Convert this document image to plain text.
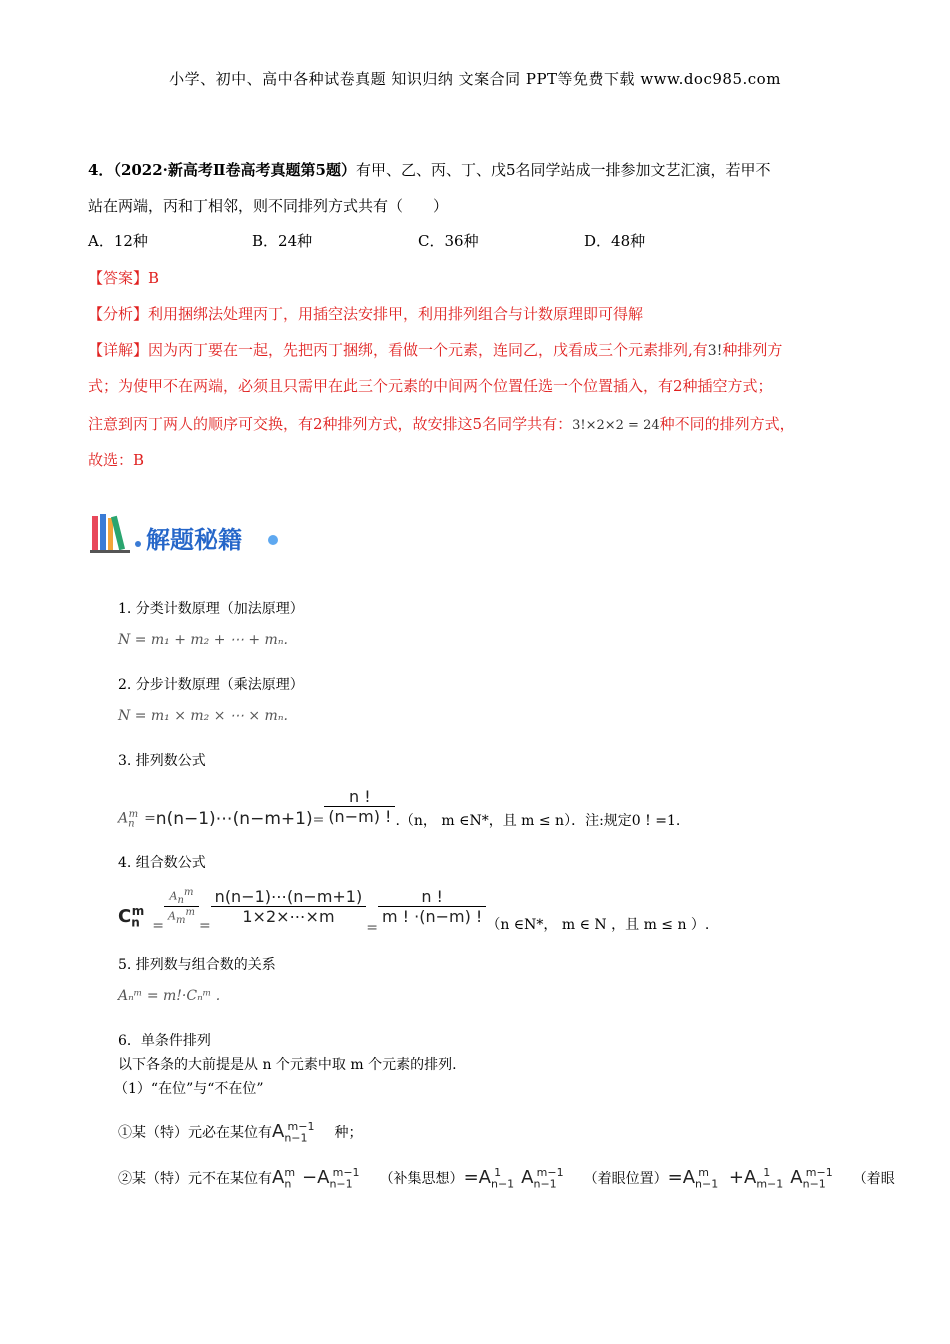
小学、初中、高中各种试卷真题 知识归纳 文案合同 PPT等免费下载 www.doc985.com
4．（2022·新高考Ⅱ卷高考真题第5题）有甲、乙、丙、丁、戊5名同学站成一排参加文艺汇演，若甲不
站在两端，丙和丁相邻，则不同排列方式共有（　　）
A．12种	B．24种	C．36种	D．48种
【答案】B
【分析】利用捆绑法处理丙丁，用插空法安排甲，利用排列组合与计数原理即可得解
【详解】因为丙丁要在一起，先把丙丁捆绑，看做一个元素，连同乙，戊看成三个元素排列,有3!种排列方
式；为使甲不在两端，必须且只需甲在此三个元素的中间两个位置任选一个位置插入，有2种插空方式；
注意到丙丁两人的顺序可交换，有2种排列方式，故安排这5名同学共有：3!×2×2 = 24种不同的排列方式，
故选：B
解题秘籍
1. 分类计数原理（加法原理）
N = m₁ + m₂ + ⋯ + mₙ.
2. 分步计数原理（乘法原理）
N = m₁ × m₂ × ⋯ × mₙ.
3. 排列数公式
$A_n^m$ =n(n−1)⋯(n−m+1)= $\frac{n !}{(n-m) !} .(n$， m ∈N*，且 m ≤ n）．注:规定0 ! =1.
4. 组合数公式
$C_n^m=$
$\frac{A_n^m}{A_m^m}$
=
$\frac{n(n-1)\cdots(n-m+1)}{1\times 2\times\cdots\times m}$
=
$\frac{n !}{m ! \cdot(n-m) !} (n$ ∈N*， m ∈ N ，且 m ≤ n ）.
5. 排列数与组合数的关系
Aₙᵐ = m!·Cₙᵐ .
6．单条件排列
以下各条的大前提是从 n 个元素中取 m 个元素的排列.
（1）“在位”与“不在位”
①某（特）元必在某位有$A_{n-1}^{m-1}$ 种；
②某（特）元不在某位有$A_n^m -A_{n-1}^{m-1}$ （补集思想）$=A_{n-1}^1$ $A_{n-1}^{m-1}$ （着眼位置）$=A_{n-1}^m +A_{m-1}^1$ $A_{n-1}^{m-1}$ （着眼
